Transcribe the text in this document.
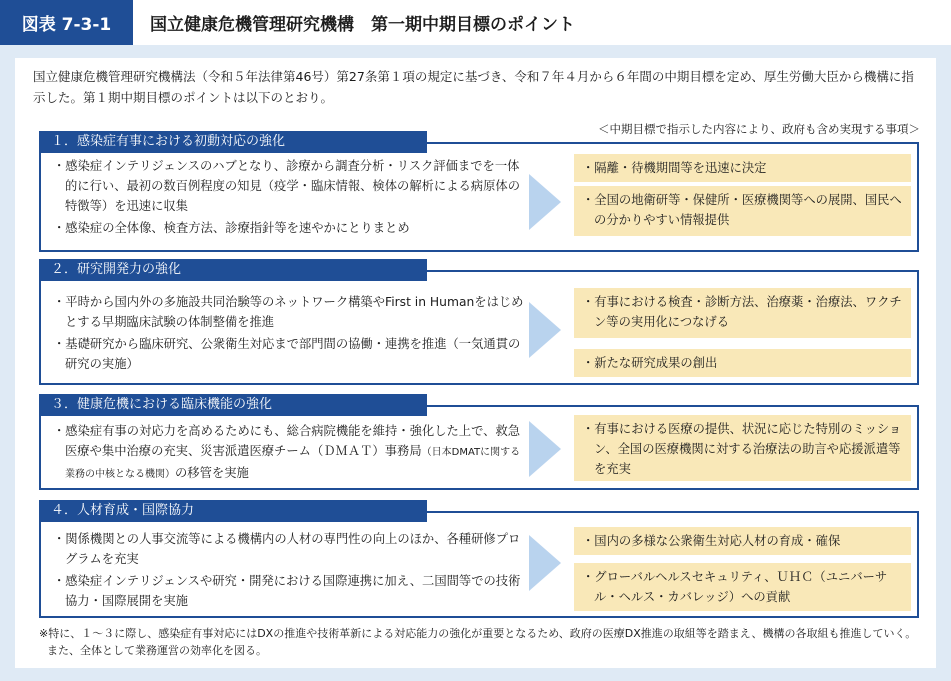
図表 7-3-1	国立健康危機管理研究機構　第一期中期目標のポイント
国立健康危機管理研究機構法（令和５年法律第46号）第27条第１項の規定に基づき、令和７年４月から６年間の中期目標を定め、厚生労働大臣から機構に指示した。第１期中期目標のポイントは以下のとおり。
＜中期目標で指示した内容により、政府も含め実現する事項＞
１．感染症有事における初動対応の強化
・感染症インテリジェンスのハブとなり、診療から調査分析・リスク評価までを一体的に行い、最初の数百例程度の知見（疫学・臨床情報、検体の解析による病原体の特徴等）を迅速に収集
・感染症の全体像、検査方法、診療指針等を速やかにとりまとめ
・隔離・待機期間等を迅速に決定
・全国の地衛研等・保健所・医療機関等への展開、国民への分かりやすい情報提供
２．研究開発力の強化
・平時から国内外の多施設共同治験等のネットワーク構築やFirst in Humanをはじめとする早期臨床試験の体制整備を推進
・基礎研究から臨床研究、公衆衛生対応まで部門間の協働・連携を推進（一気通貫の研究の実施）
・有事における検査・診断方法、治療薬・治療法、ワクチン等の実用化につなげる
・新たな研究成果の創出
３．健康危機における臨床機能の強化
・感染症有事の対応力を高めるためにも、総合病院機能を維持・強化した上で、救急医療や集中治療の充実、災害派遣医療チーム（ＤＭＡＴ）事務局（日本DMATに関する業務の中核となる機関）の移管を実施
・有事における医療の提供、状況に応じた特別のミッション、全国の医療機関に対する治療法の助言や応援派遣等を充実
４．人材育成・国際協力
・関係機関との人事交流等による機構内の人材の専門性の向上のほか、各種研修プログラムを充実
・感染症インテリジェンスや研究・開発における国際連携に加え、二国間等での技術協力・国際展開を実施
・国内の多様な公衆衛生対応人材の育成・確保
・グローバルヘルスセキュリティ、ＵＨＣ（ユニバーサル・ヘルス・カバレッジ）への貢献
※特に、１～３に際し、感染症有事対応にはDXの推進や技術革新による対応能力の強化が重要となるため、政府の医療DX推進の取組等を踏まえ、機構の各取組も推進していく。また、全体として業務運営の効率化を図る。
